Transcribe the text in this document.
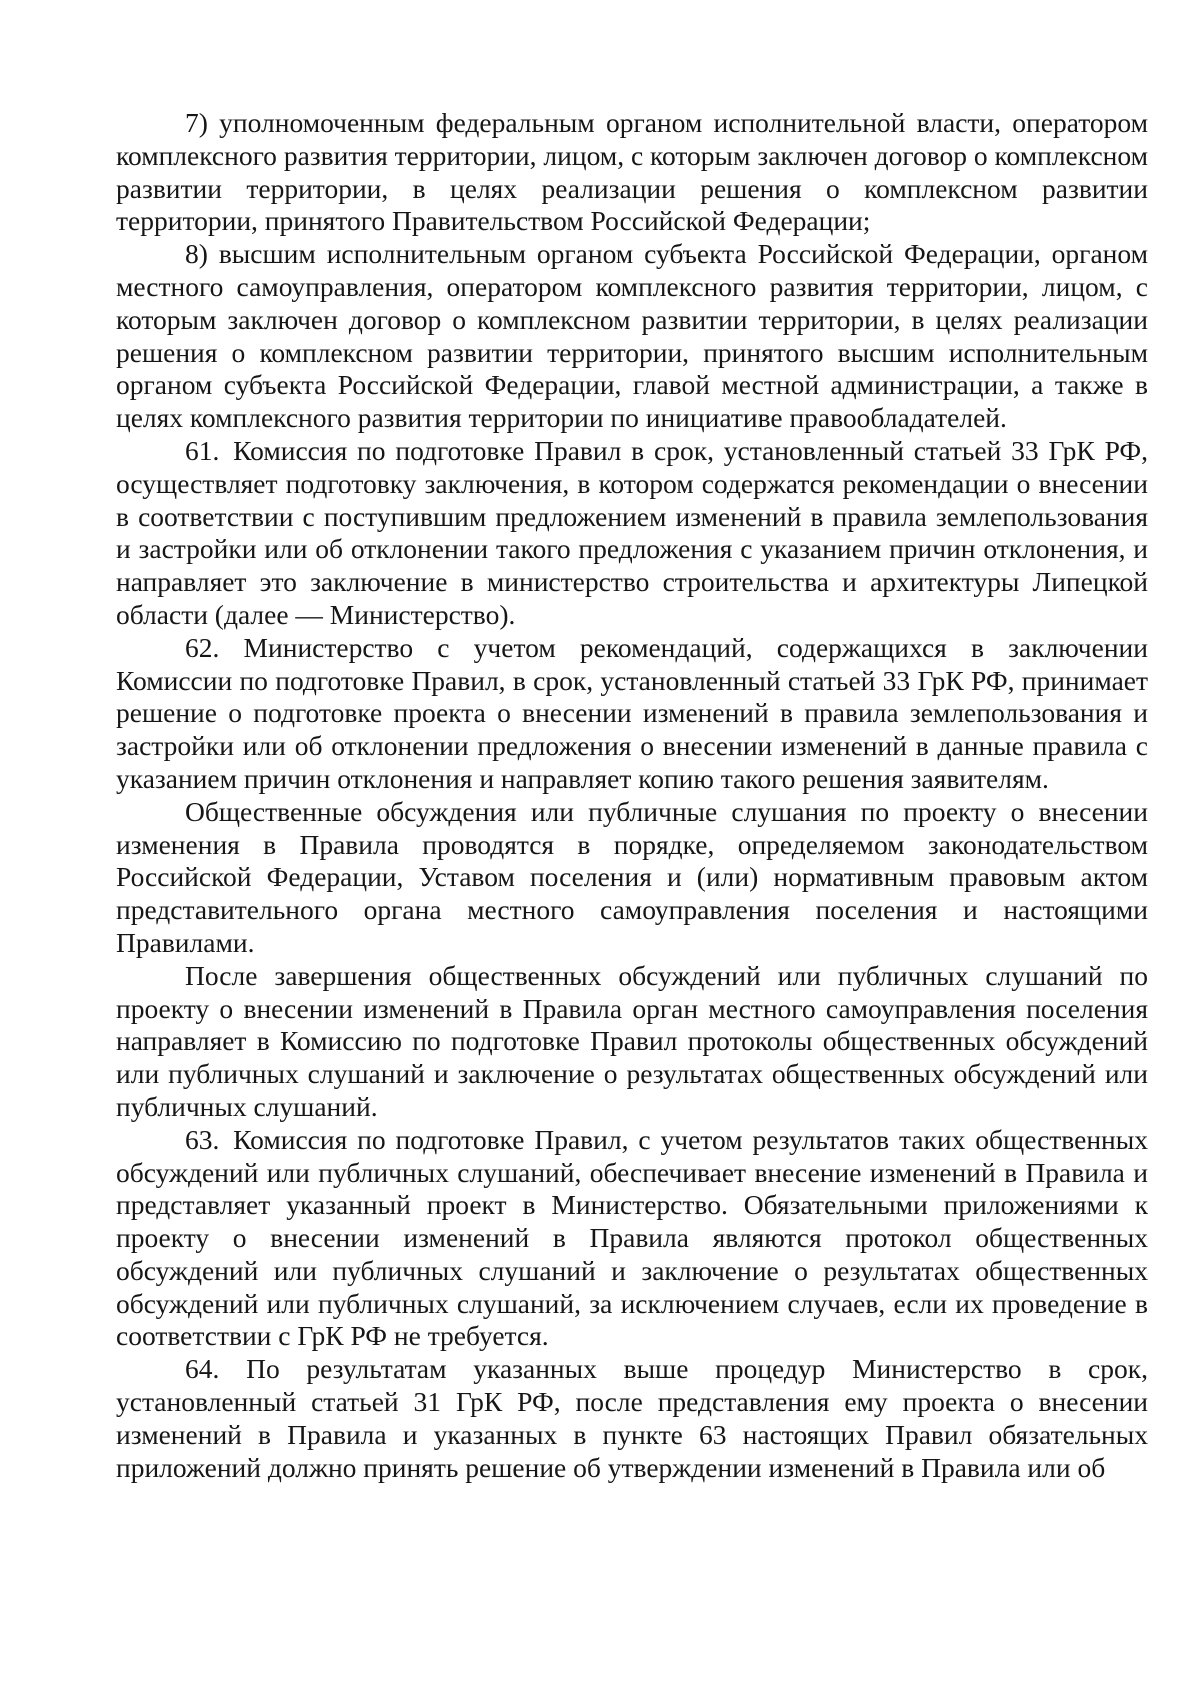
7) уполномоченным федеральным органом исполнительной власти, оператором комплексного развития территории, лицом, с которым заключен договор о комплексном развитии территории, в целях реализации решения о комплексном развитии территории, принятого Правительством Российской Федерации;

8) высшим исполнительным органом субъекта Российской Федерации, органом местного самоуправления, оператором комплексного развития территории, лицом, с которым заключен договор о комплексном развитии территории, в целях реализации решения о комплексном развитии территории, принятого высшим исполнительным органом субъекта Российской Федерации, главой местной администрации, а также в целях комплексного развития территории по инициативе правообладателей.

61. Комиссия по подготовке Правил в срок, установленный статьей 33 ГрК РФ, осуществляет подготовку заключения, в котором содержатся рекомендации о внесении в соответствии с поступившим предложением изменений в правила землепользования и застройки или об отклонении такого предложения с указанием причин отклонения, и направляет это заключение в министерство строительства и архитектуры Липецкой области (далее — Министерство).

62. Министерство с учетом рекомендаций, содержащихся в заключении Комиссии по подготовке Правил, в срок, установленный статьей 33 ГрК РФ, принимает решение о подготовке проекта о внесении изменений в правила землепользования и застройки или об отклонении предложения о внесении изменений в данные правила с указанием причин отклонения и направляет копию такого решения заявителям.

Общественные обсуждения или публичные слушания по проекту о внесении изменения в Правила проводятся в порядке, определяемом законодательством Российской Федерации, Уставом поселения и (или) нормативным правовым актом представительного органа местного самоуправления поселения и настоящими Правилами.

После завершения общественных обсуждений или публичных слушаний по проекту о внесении изменений в Правила орган местного самоуправления поселения направляет в Комиссию по подготовке Правил протоколы общественных обсуждений или публичных слушаний и заключение о результатах общественных обсуждений или публичных слушаний.

63. Комиссия по подготовке Правил, с учетом результатов таких общественных обсуждений или публичных слушаний, обеспечивает внесение изменений в Правила и представляет указанный проект в Министерство. Обязательными приложениями к проекту о внесении изменений в Правила являются протокол общественных обсуждений или публичных слушаний и заключение о результатах общественных обсуждений или публичных слушаний, за исключением случаев, если их проведение в соответствии с ГрК РФ не требуется.

64. По результатам указанных выше процедур Министерство в срок, установленный статьей 31 ГрК РФ, после представления ему проекта о внесении изменений в Правила и указанных в пункте 63 настоящих Правил обязательных приложений должно принять решение об утверждении изменений в Правила или об
